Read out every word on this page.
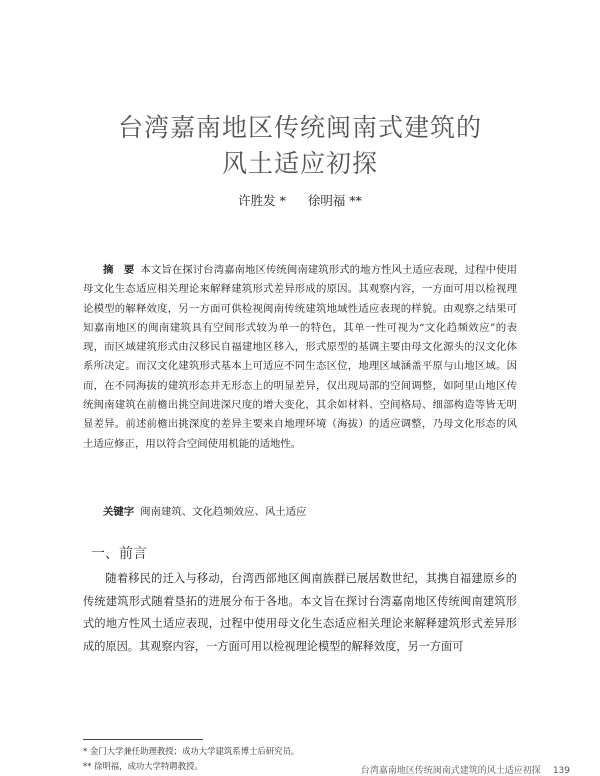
台湾嘉南地区传统闽南式建筑的
风土适应初探
许胜发 * 徐明福 **
摘　要 本文旨在探讨台湾嘉南地区传统闽南建筑形式的地方性风土适应表现，过程中使用母文化生态适应相关理论来解释建筑形式差异形成的原因。其观察内容，一方面可用以检视理论模型的解释效度，另一方面可供检视闽南传统建筑地域性适应表现的样貌。由观察之结果可知嘉南地区的闽南建筑具有空间形式较为单一的特色，其单一性可视为“文化趋频效应”的表现，而区域建筑形式由汉移民自福建地区移入，形式原型的基调主要由母文化源头的汉文化体系所决定。而汉文化建筑形式基本上可适应不同生态区位，地理区域涵盖平原与山地区域。因而，在不同海拔的建筑形态并无形态上的明显差异，仅出现局部的空间调整，如阿里山地区传统闽南建筑在前檐出挑空间进深尺度的增大变化，其余如材料、空间格局、细部构造等皆无明显差异。前述前檐出挑深度的差异主要来自地理环境（海拔）的适应调整，乃母文化形态的风土适应修正，用以符合空间使用机能的适地性。
关键字 闽南建筑、文化趋频效应、风土适应
一、前言
随着移民的迁入与移动，台湾西部地区闽南族群已展居数世纪，其携自福建原乡的传统建筑形式随着垦拓的进展分布于各地。本文旨在探讨台湾嘉南地区传统闽南建筑形式的地方性风土适应表现，过程中使用母文化生态适应相关理论来解释建筑形式差异形成的原因。其观察内容，一方面可用以检视理论模型的解释效度，另一方面可
* 金门大学兼任助理教授；成功大学建筑系博士后研究员。
** 徐明福，成功大学特聘教授。	台湾嘉南地区传统闽南式建筑的风土适应初探 139
